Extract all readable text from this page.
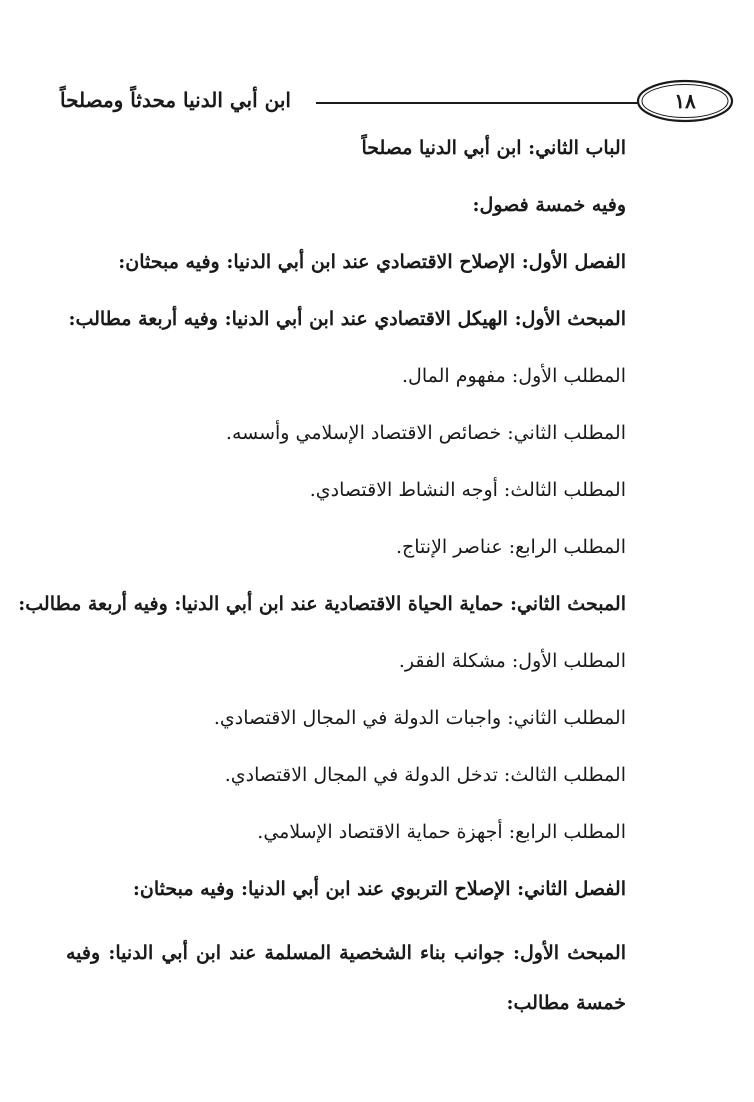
ابن أبي الدنيا محدثاً ومصلحاً	١٨
الباب الثاني: ابن أبي الدنيا مصلحاً
وفيه خمسة فصول:
الفصل الأول: الإصلاح الاقتصادي عند ابن أبي الدنيا: وفيه مبحثان:
المبحث الأول: الهيكل الاقتصادي عند ابن أبي الدنيا: وفيه أربعة مطالب:
المطلب الأول: مفهوم المال.
المطلب الثاني: خصائص الاقتصاد الإسلامي وأسسه.
المطلب الثالث: أوجه النشاط الاقتصادي.
المطلب الرابع: عناصر الإنتاج.
المبحث الثاني: حماية الحياة الاقتصادية عند ابن أبي الدنيا: وفيه أربعة مطالب:
المطلب الأول: مشكلة الفقر.
المطلب الثاني: واجبات الدولة في المجال الاقتصادي.
المطلب الثالث: تدخل الدولة في المجال الاقتصادي.
المطلب الرابع: أجهزة حماية الاقتصاد الإسلامي.
الفصل الثاني: الإصلاح التربوي عند ابن أبي الدنيا: وفيه مبحثان:
المبحث الأول: جوانب بناء الشخصية المسلمة عند ابن أبي الدنيا: وفيه خمسة مطالب:
